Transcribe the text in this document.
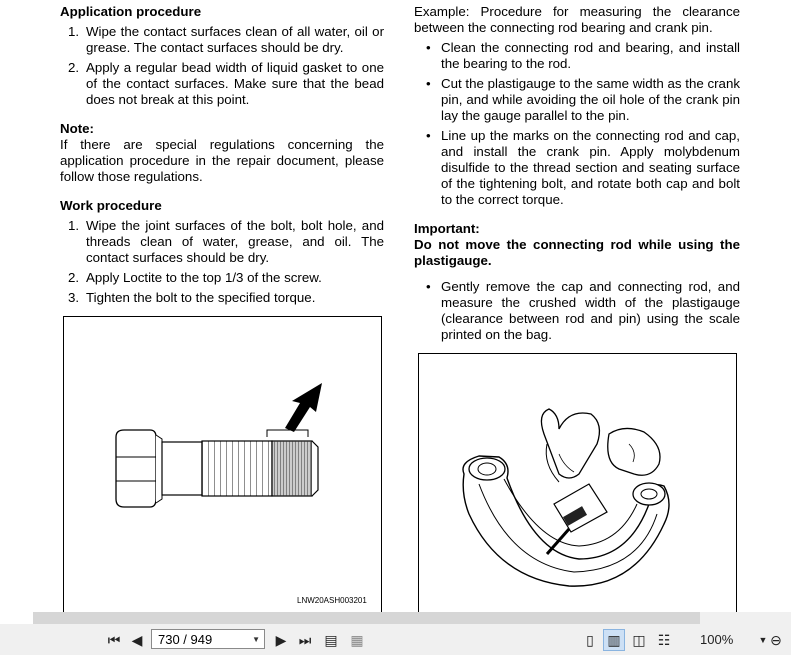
Application procedure

1. Wipe the contact surfaces clean of all water, oil or grease. The contact surfaces should be dry.
2. Apply a regular bead width of liquid gasket to one of the contact surfaces. Make sure that the bead does not break at this point.

Note:

If there are special regulations concerning the application procedure in the repair document, please follow those regulations.

Work procedure

1. Wipe the joint surfaces of the bolt, bolt hole, and threads clean of water, grease, and oil. The contact surfaces should be dry.
2. Apply Loctite to the top 1/3 of the screw.
3. Tighten the bolt to the specified torque.
LNW20ASH003201

Example: Procedure for measuring the clearance between the connecting rod bearing and crank pin.

• Clean the connecting rod and bearing, and install the bearing to the rod.
• Cut the plastigauge to the same width as the crank pin, and while avoiding the oil hole of the crank pin lay the gauge parallel to the pin.
• Line up the marks on the connecting rod and cap, and install the crank pin. Apply molybdenum disulfide to the thread section and seating surface of the tightening bolt, and rotate both cap and bolt to the correct torque.

Important:

Do not move the connecting rod while using the plastigauge.

• Gently remove the cap and connecting rod, and measure the crushed width of the plastigauge (clearance between rod and pin) using the scale printed on the bag.
⏮ ◀	730 / 949	▼ ▶ ⏭ ▤ ▦	▯ ▥ ◫ ☷ 100%	▼ ⊖
